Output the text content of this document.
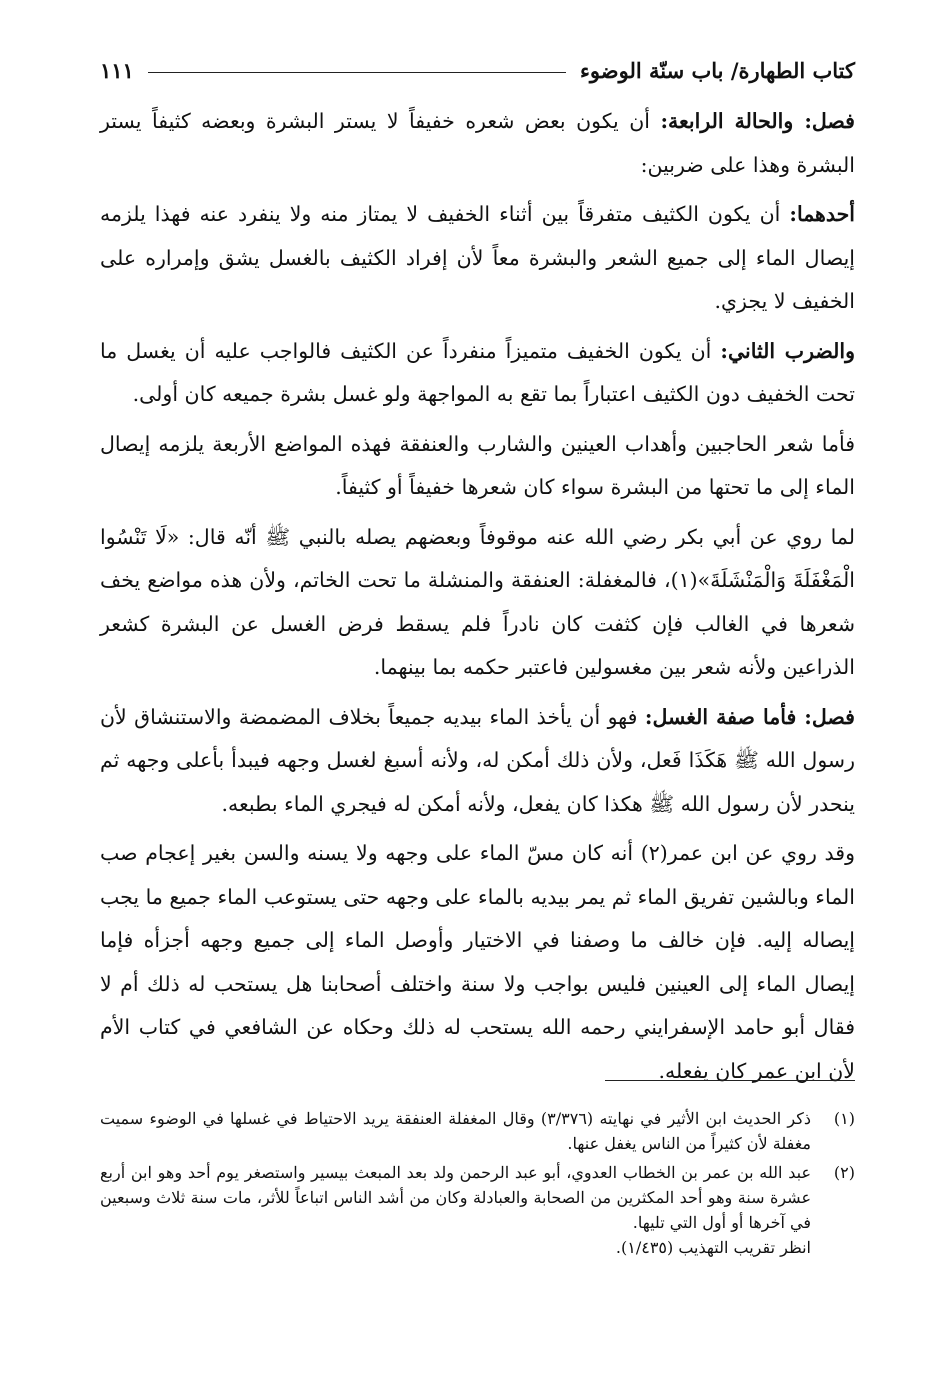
كتاب الطهارة/ باب سنّة الوضوء
١١١

فصل: والحالة الرابعة: أن يكون بعض شعره خفيفاً لا يستر البشرة وبعضه كثيفاً يستر البشرة وهذا على ضربين:

أحدهما: أن يكون الكثيف متفرقاً بين أثناء الخفيف لا يمتاز منه ولا ينفرد عنه فهذا يلزمه إيصال الماء إلى جميع الشعر والبشرة معاً لأن إفراد الكثيف بالغسل يشق وإمراره على الخفيف لا يجزي.

والضرب الثاني: أن يكون الخفيف متميزاً منفرداً عن الكثيف فالواجب عليه أن يغسل ما تحت الخفيف دون الكثيف اعتباراً بما تقع به المواجهة ولو غسل بشرة جميعه كان أولى.

فأما شعر الحاجبين وأهداب العينين والشارب والعنفقة فهذه المواضع الأربعة يلزمه إيصال الماء إلى ما تحتها من البشرة سواء كان شعرها خفيفاً أو كثيفاً.

لما روي عن أبي بكر رضي الله عنه موقوفاً وبعضهم يصله بالنبي ﷺ أنّه قال: «لَا تَنْسُوا الْمَغْفَلَةَ وَالْمَنْشَلَةَ»(١)، فالمغفلة: العنفقة والمنشلة ما تحت الخاتم، ولأن هذه مواضع يخف شعرها في الغالب فإن كثفت كان نادراً فلم يسقط فرض الغسل عن البشرة كشعر الذراعين ولأنه شعر بين مغسولين فاعتبر حكمه بما بينهما.

فصل: فأما صفة الغسل: فهو أن يأخذ الماء بيديه جميعاً بخلاف المضمضة والاستنشاق لأن رسول الله ﷺ هَكَذَا فَعل، ولأن ذلك أمكن له، ولأنه أسبغ لغسل وجهه فيبدأ بأعلى وجهه ثم ينحدر لأن رسول الله ﷺ هكذا كان يفعل، ولأنه أمكن له فيجري الماء بطبعه.

وقد روي عن ابن عمر(٢) أنه كان مسّ الماء على وجهه ولا يسنه والسن بغير إعجام صب الماء وبالشين تفريق الماء ثم يمر بيديه بالماء على وجهه حتى يستوعب الماء جميع ما يجب إيصاله إليه. فإن خالف ما وصفنا في الاختيار وأوصل الماء إلى جميع وجهه أجزأه فإما إيصال الماء إلى العينين فليس بواجب ولا سنة واختلف أصحابنا هل يستحب له ذلك أم لا فقال أبو حامد الإسفرايني رحمه الله يستحب له ذلك وحكاه عن الشافعي في كتاب الأم لأن ابن عمر كان يفعله.

(١)
ذكر الحديث ابن الأثير في نهايته (٣/٣٧٦) وقال المغفلة العنفقة يريد الاحتياط في غسلها في الوضوء سميت مغفلة لأن كثيراً من الناس يغفل عنها.
(٢)
عبد الله بن عمر بن الخطاب العدوي، أبو عبد الرحمن ولد بعد المبعث بيسير واستصغر يوم أحد وهو ابن أربع عشرة سنة وهو أحد المكثرين من الصحابة والعبادلة وكان من أشد الناس اتباعاً للأثر، مات سنة ثلاث وسبعين في آخرها أو أول التي تليها.
انظر تقريب التهذيب (١/٤٣٥).
